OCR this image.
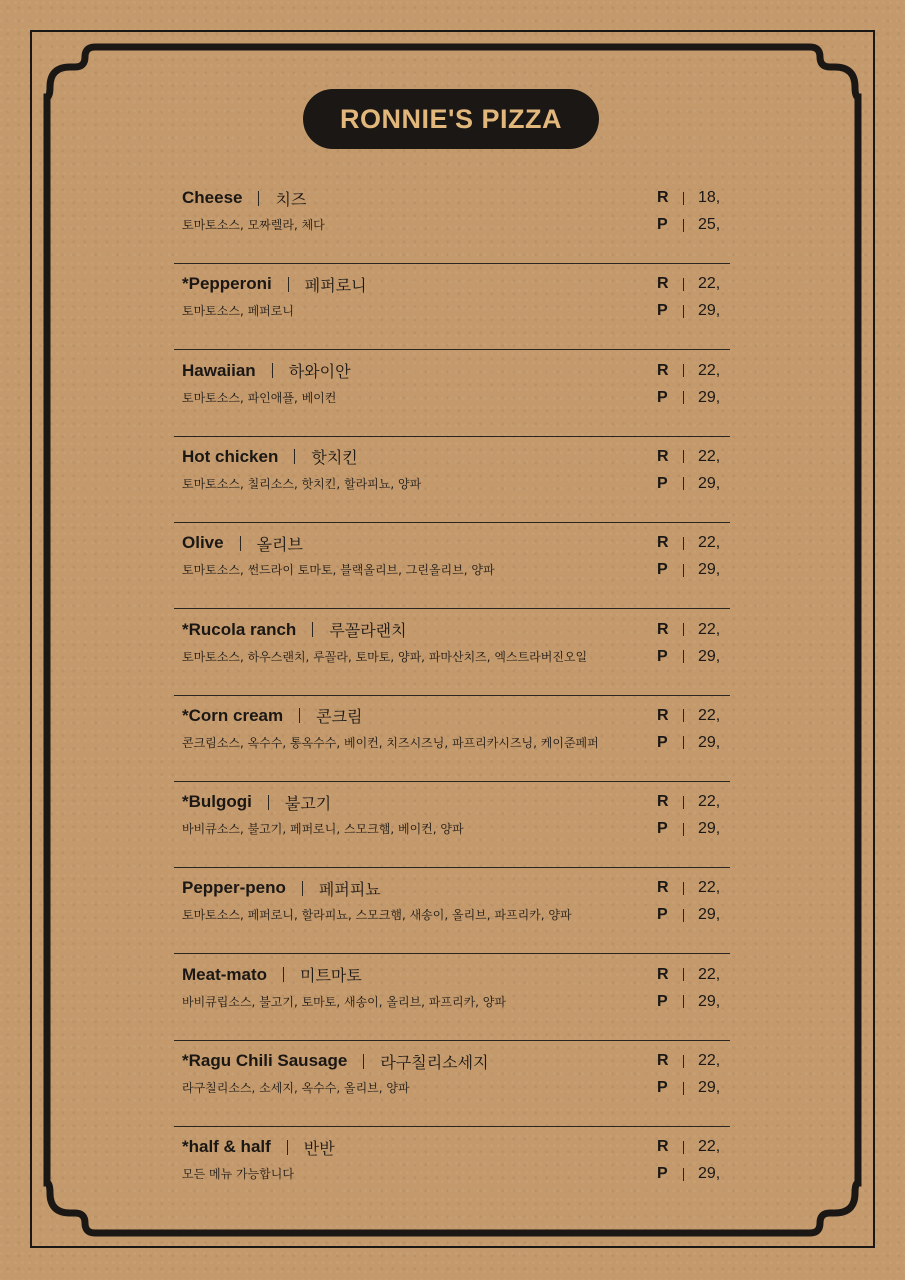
RONNIE'S PIZZA
Cheese 치즈
토마토소스, 모짜렐라, 체다
R 18,
P 25,
*Pepperoni 페퍼로니
토마토소스, 페퍼로니
R 22,
P 29,
Hawaiian 하와이안
토마토소스, 파인애플, 베이컨
R 22,
P 29,
Hot chicken 핫치킨
토마토소스, 칠리소스, 핫치킨, 할라피뇨, 양파
R 22,
P 29,
Olive 올리브
토마토소스, 썬드라이 토마토, 블랙올리브, 그린올리브, 양파
R 22,
P 29,
*Rucola ranch 루꼴라랜치
토마토소스, 하우스랜치, 루꼴라, 토마토, 양파, 파마산치즈, 엑스트라버진오일
R 22,
P 29,
*Corn cream 콘크림
콘크림소스, 옥수수, 통옥수수, 베이컨, 치즈시즈닝, 파프리카시즈닝, 케이준페퍼
R 22,
P 29,
*Bulgogi 불고기
바비큐소스, 불고기, 페퍼로니, 스모크햄, 베이컨, 양파
R 22,
P 29,
Pepper-peno 페퍼피뇨
토마토소스, 페퍼로니, 할라피뇨, 스모크햄, 새송이, 올리브, 파프리카, 양파
R 22,
P 29,
Meat-mato 미트마토
바비큐립소스, 불고기, 토마토, 새송이, 올리브, 파프리카, 양파
R 22,
P 29,
*Ragu Chili Sausage 라구칠리소세지
라구칠리소스, 소세지, 옥수수, 올리브, 양파
R 22,
P 29,
*half & half 반반
모든 메뉴 가능합니다
R 22,
P 29,
